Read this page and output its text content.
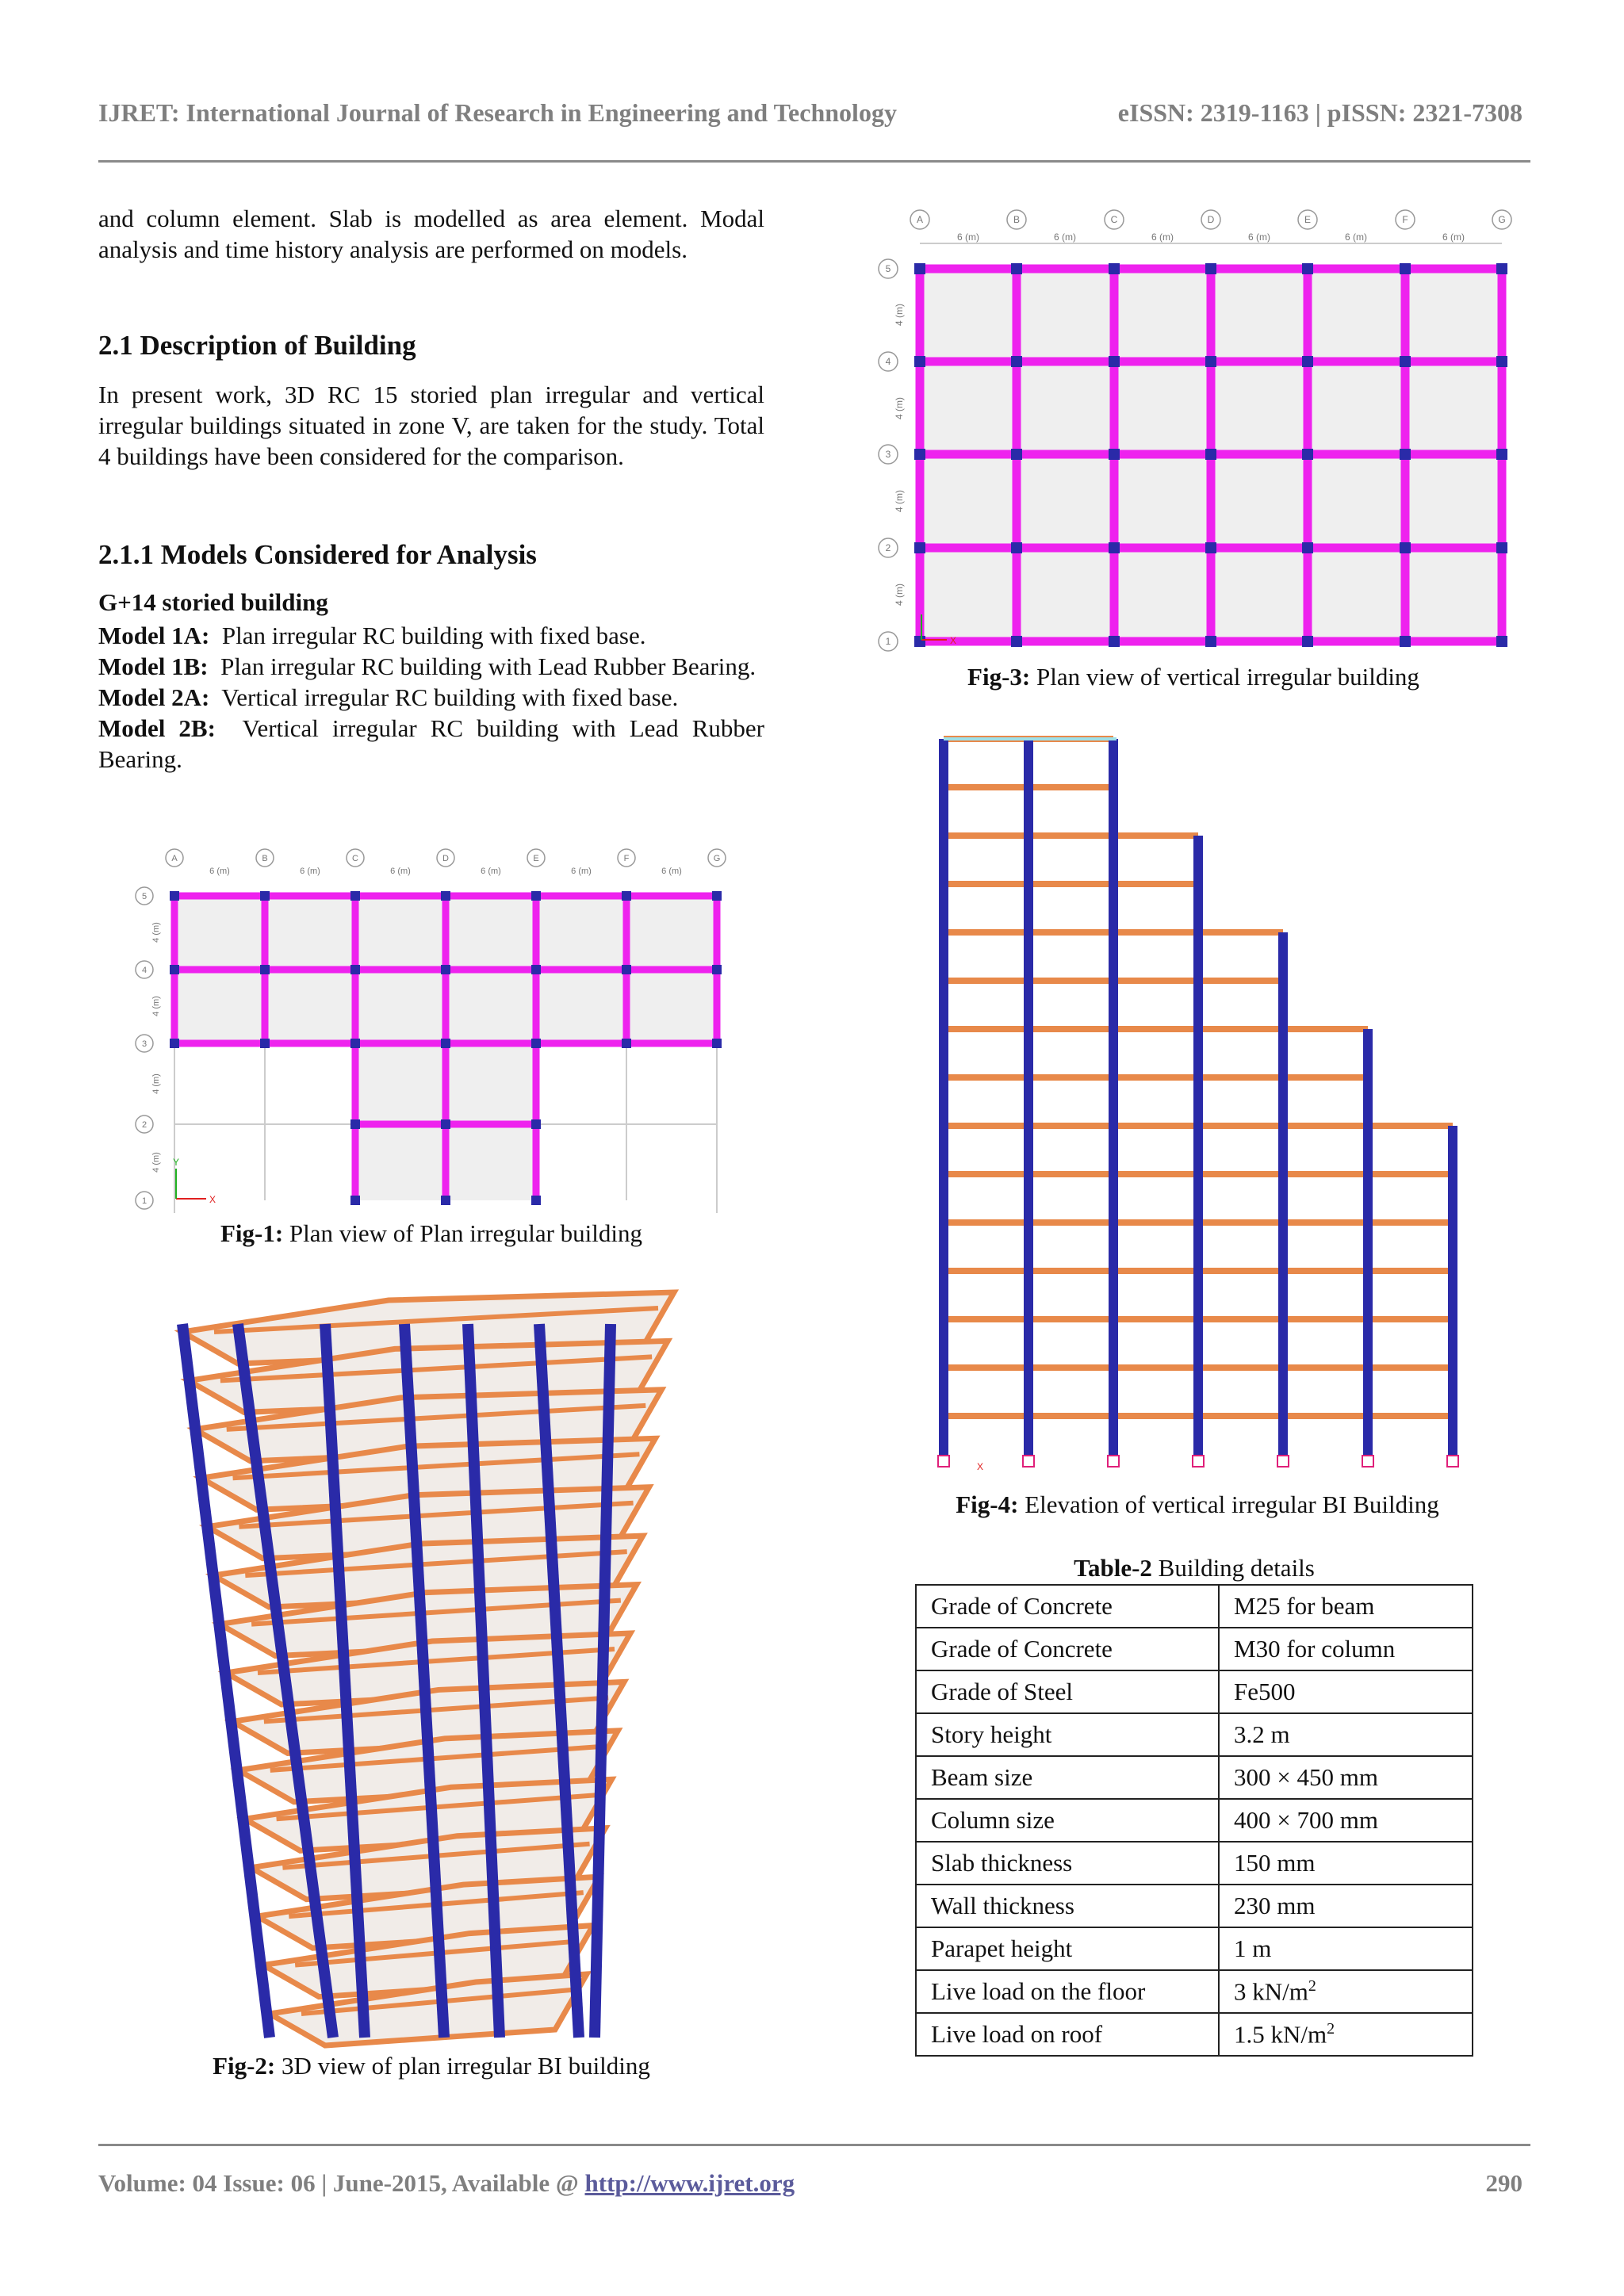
IJRET: International Journal of Research in Engineering and Technology	eISSN: 2319-1163 | pISSN: 2321-7308
and column element. Slab is modelled as area element. Modal analysis and time history analysis are performed on models.
2.1 Description of Building
In present work, 3D RC 15 storied plan irregular and vertical irregular buildings situated in zone V, are taken for the study. Total 4 buildings have been considered for the comparison.
2.1.1 Models Considered for Analysis
G+14 storied building
Model 1A: Plan irregular RC building with fixed base.
Model 1B: Plan irregular RC building with Lead Rubber Bearing.
Model 2A: Vertical irregular RC building with fixed base.
Model 2B: Vertical irregular RC building with Lead Rubber Bearing.
A	B	C	D	E	F	G
5
4
3
2
1
6 (m)	6 (m)	6 (m)	6 (m)	6 (m)	6 (m)
4 (m)
4 (m)
4 (m)
4 (m)
X
Y
Fig-1: Plan view of Plan irregular building
Fig-2: 3D view of plan irregular BI building
A	B	C	D	E	F	G
5
4
3
2
1
6 (m)	6 (m)	6 (m)	6 (m)	6 (m)	6 (m)
4 (m)
4 (m)
4 (m)
4 (m)
X
Fig-3: Plan view of vertical irregular building
X
Fig-4: Elevation of vertical irregular BI Building
Table-2 Building details
Grade of Concrete	M25 for beam
Grade of Concrete	M30 for column
Grade of Steel	Fe500
Story height	3.2 m
Beam size	300 × 450 mm
Column size	400 × 700 mm
Slab thickness	150 mm
Wall thickness	230 mm
Parapet height	1 m
Live load on the floor	3 $kN/m^2$
Live load on roof	1.5 $kN/m^2$
Volume: 04 Issue: 06 | June-2015, Available @ http://www.ijret.org	290
